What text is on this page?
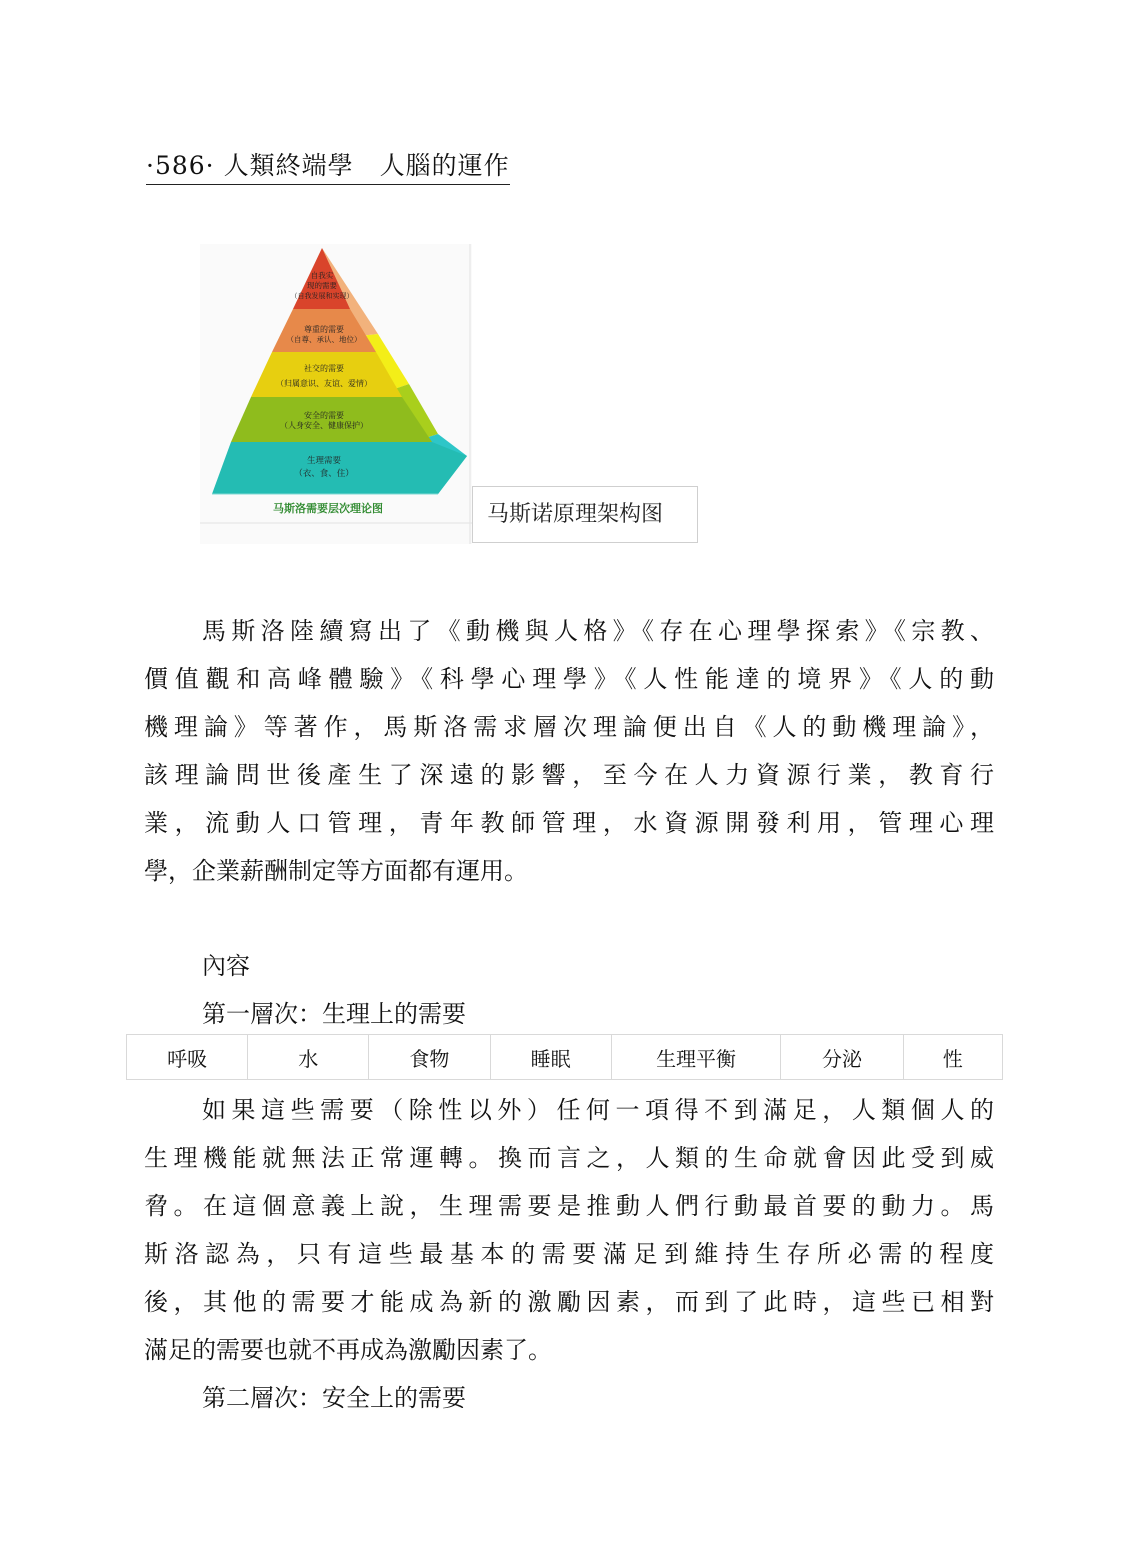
·586· 人類終端學 人腦的運作
自我实
现的需要
（自我发展和实现）
尊重的需要
（自尊、承认、地位）
社交的需要
（归属意识、友谊、爱情）
安全的需要
（人身安全、健康保护）
生理需要
（衣、食、住）
马斯洛需要层次理论图	马斯诺原理架构图
馬斯洛陸續寫出了《動機與人格》《存在心理學探索》《宗教、
價值觀和高峰體驗》《科學心理學》《人性能達的境界》《人的動
機理論》等著作，馬斯洛需求層次理論便出自《人的動機理論》，
該理論問世後產生了深遠的影響，至今在人力資源行業，教育行
業，流動人口管理，青年教師管理，水資源開發利用，管理心理
學，企業薪酬制定等方面都有運用。
內容
第一層次：生理上的需要
呼吸	水	食物	睡眠	生理平衡	分泌	性
如果這些需要（除性以外）任何一項得不到滿足，人類個人的
生理機能就無法正常運轉。換而言之，人類的生命就會因此受到威
脅。在這個意義上說，生理需要是推動人們行動最首要的動力。馬
斯洛認為，只有這些最基本的需要滿足到維持生存所必需的程度
後，其他的需要才能成為新的激勵因素，而到了此時，這些已相對
滿足的需要也就不再成為激勵因素了。
第二層次：安全上的需要
